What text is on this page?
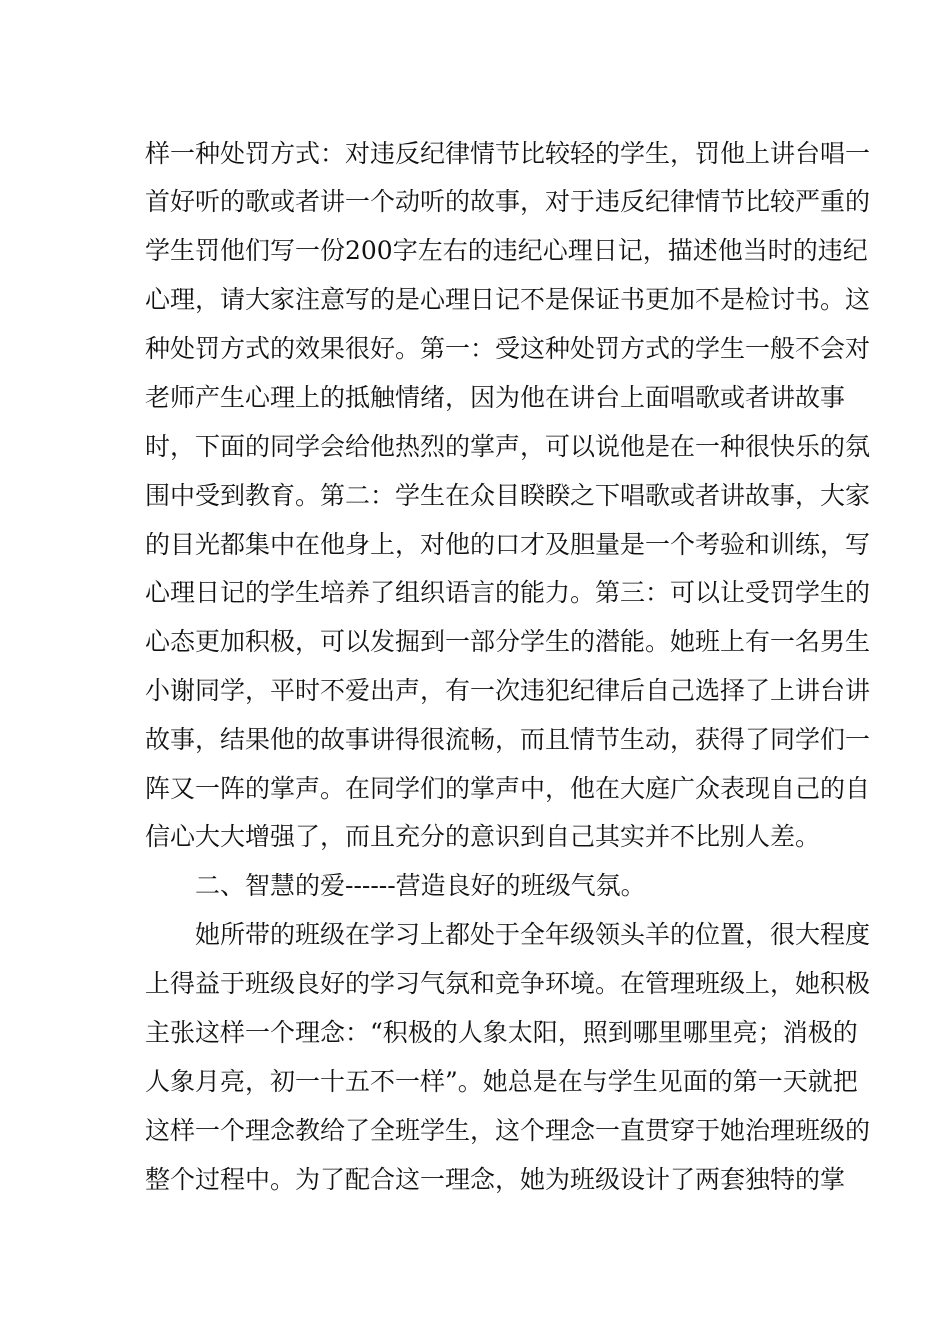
样一种处罚方式：对违反纪律情节比较轻的学生，罚他上讲台唱一
首好听的歌或者讲一个动听的故事，对于违反纪律情节比较严重的
学生罚他们写一份200字左右的违纪心理日记，描述他当时的违纪
心理，请大家注意写的是心理日记不是保证书更加不是检讨书。这
种处罚方式的效果很好。第一：受这种处罚方式的学生一般不会对
老师产生心理上的抵触情绪，因为他在讲台上面唱歌或者讲故事
时，下面的同学会给他热烈的掌声，可以说他是在一种很快乐的氛
围中受到教育。第二：学生在众目睽睽之下唱歌或者讲故事，大家
的目光都集中在他身上，对他的口才及胆量是一个考验和训练，写
心理日记的学生培养了组织语言的能力。第三：可以让受罚学生的
心态更加积极，可以发掘到一部分学生的潜能。她班上有一名男生
小谢同学，平时不爱出声，有一次违犯纪律后自己选择了上讲台讲
故事，结果他的故事讲得很流畅，而且情节生动，获得了同学们一
阵又一阵的掌声。在同学们的掌声中，他在大庭广众表现自己的自
信心大大增强了，而且充分的意识到自己其实并不比别人差。
二、智慧的爱------营造良好的班级气氛。
她所带的班级在学习上都处于全年级领头羊的位置，很大程度
上得益于班级良好的学习气氛和竞争环境。在管理班级上，她积极
主张这样一个理念：“积极的人象太阳，照到哪里哪里亮；消极的
人象月亮，初一十五不一样”。她总是在与学生见面的第一天就把
这样一个理念教给了全班学生，这个理念一直贯穿于她治理班级的
整个过程中。为了配合这一理念，她为班级设计了两套独特的掌
